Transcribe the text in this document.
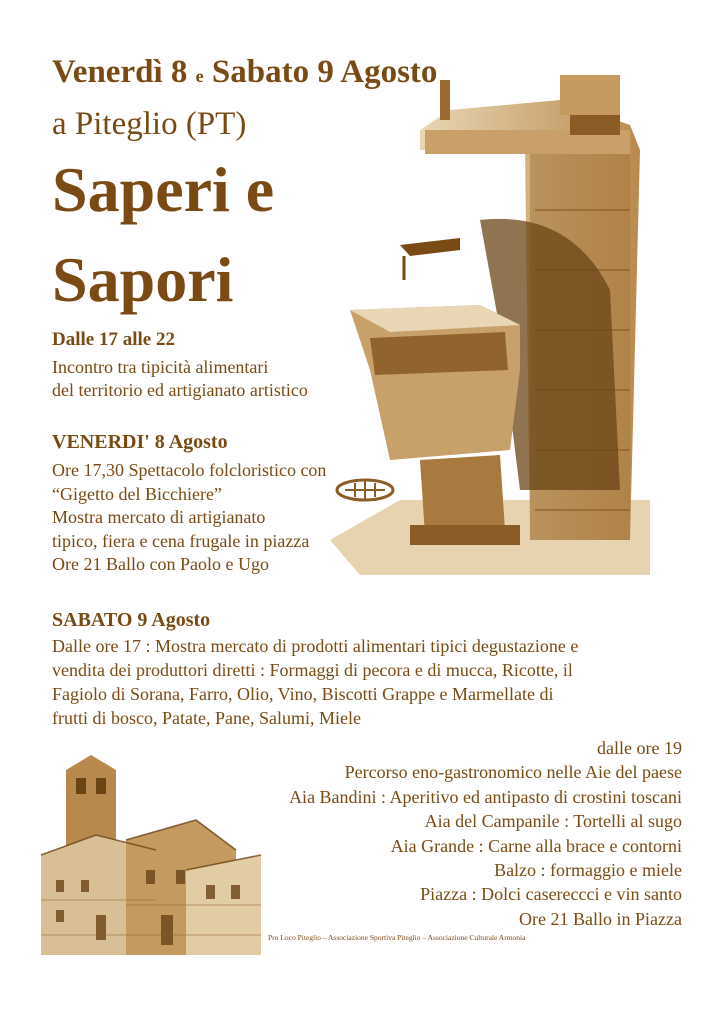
Venerdì 8 e Sabato 9 Agosto
a Piteglio (PT)
Saperi e
Sapori
Dalle 17 alle 22
Incontro tra tipicità alimentari
del territorio ed artigianato artistico
VENERDI' 8 Agosto
Ore 17,30 Spettacolo folcloristico con
“Gigetto del Bicchiere”
Mostra mercato di artigianato
tipico, fiera e cena frugale in piazza
Ore 21 Ballo con Paolo e Ugo
SABATO 9 Agosto
Dalle ore 17 : Mostra mercato di prodotti alimentari tipici degustazione e
vendita dei produttori diretti : Formaggi di pecora e di mucca, Ricotte, il
Fagiolo di Sorana, Farro, Olio, Vino, Biscotti Grappe e Marmellate di
frutti di bosco, Patate, Pane, Salumi, Miele
dalle ore 19
Percorso eno-gastronomico nelle Aie del paese
Aia Bandini : Aperitivo ed antipasto di crostini toscani
Aia del Campanile : Tortelli al sugo
Aia Grande : Carne alla brace e contorni
Balzo : formaggio e miele
Piazza : Dolci casereccci e vin santo
Ore 21 Ballo in Piazza
Pro Loco Piteglio – Associazione Sportiva Piteglio – Associazione Culturale Armonia
